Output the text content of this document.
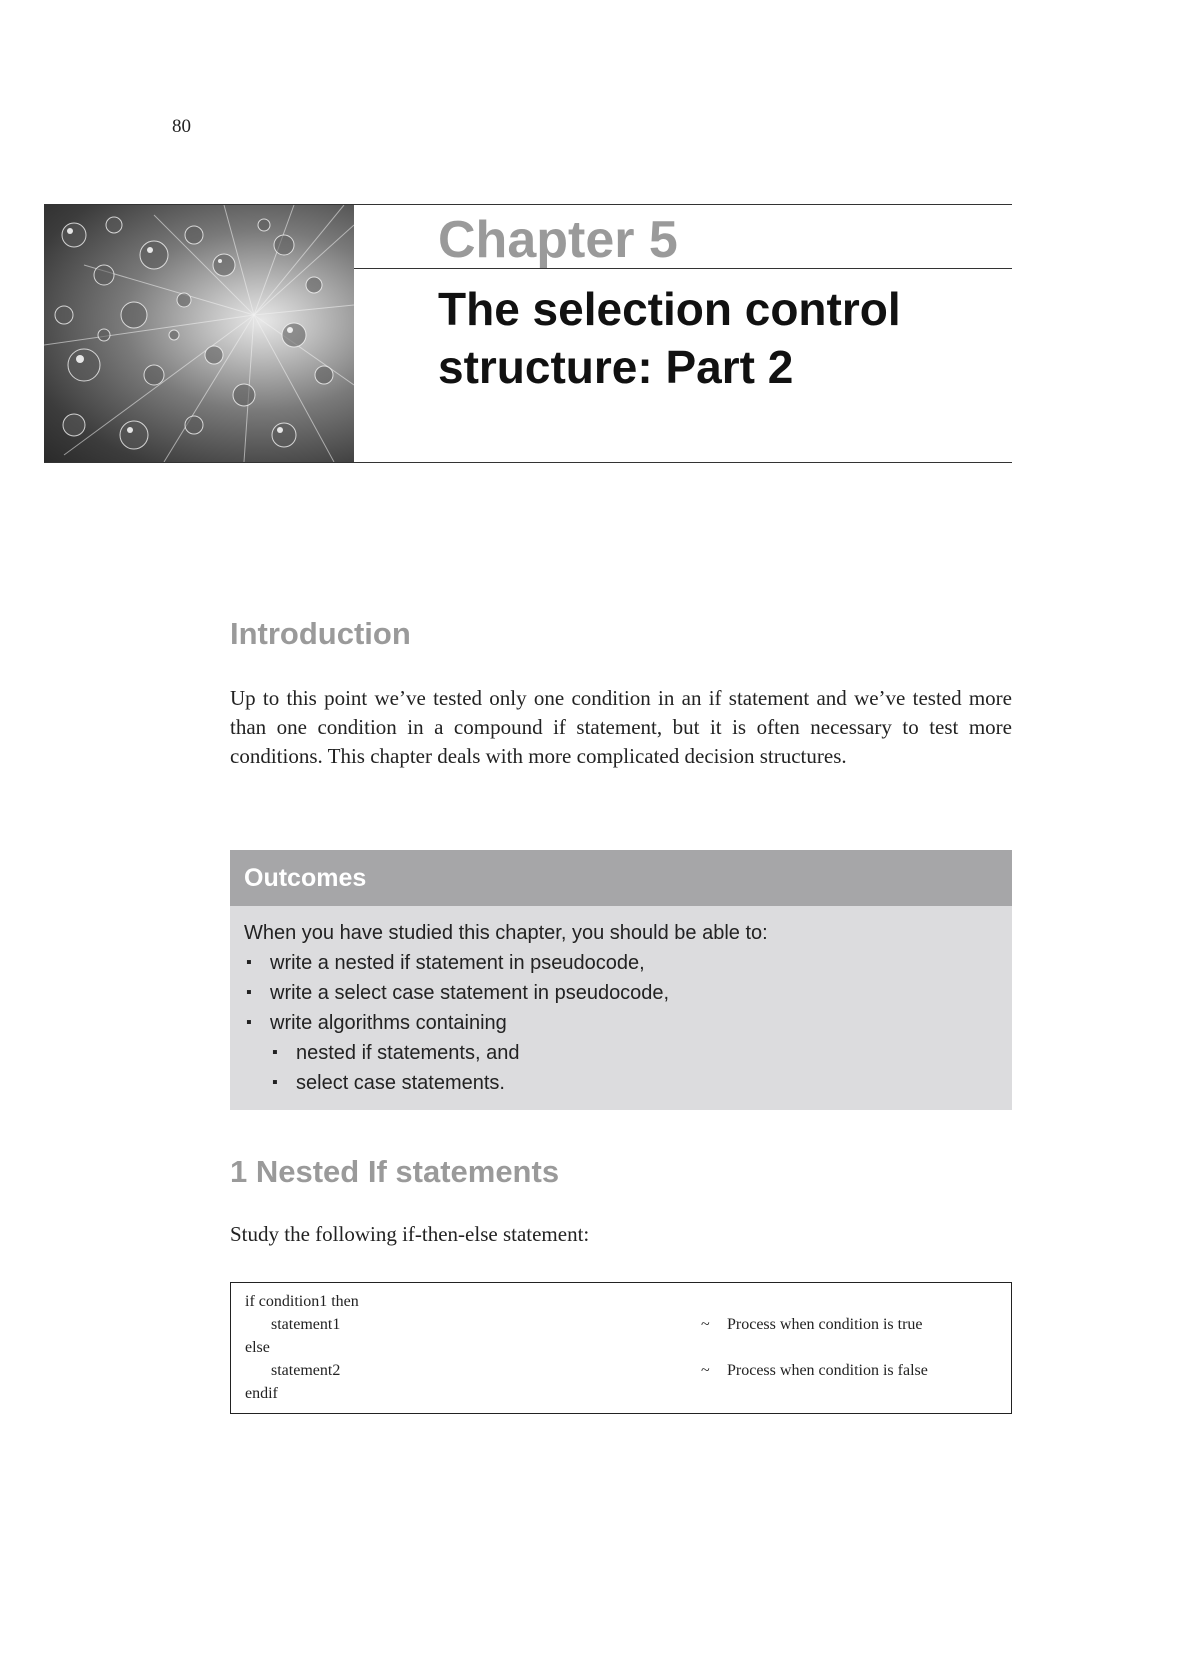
80
Chapter 5
The selection control
structure: Part 2
Introduction
Up to this point we’ve tested only one condition in an if statement and we’ve tested more than one condition in a compound if statement, but it is often necessary to test more conditions. This chapter deals with more complicated decision structures.
Outcomes
When you have studied this chapter, you should be able to:
▪ write a nested if statement in pseudocode,
▪ write a select case statement in pseudocode,
▪ write algorithms containing
▪ nested if statements, and
▪ select case statements.
1 Nested If statements
Study the following if-then-else statement:
if condition1 then
statement1	~ Process when condition is true
else
statement2	~ Process when condition is false
endif
